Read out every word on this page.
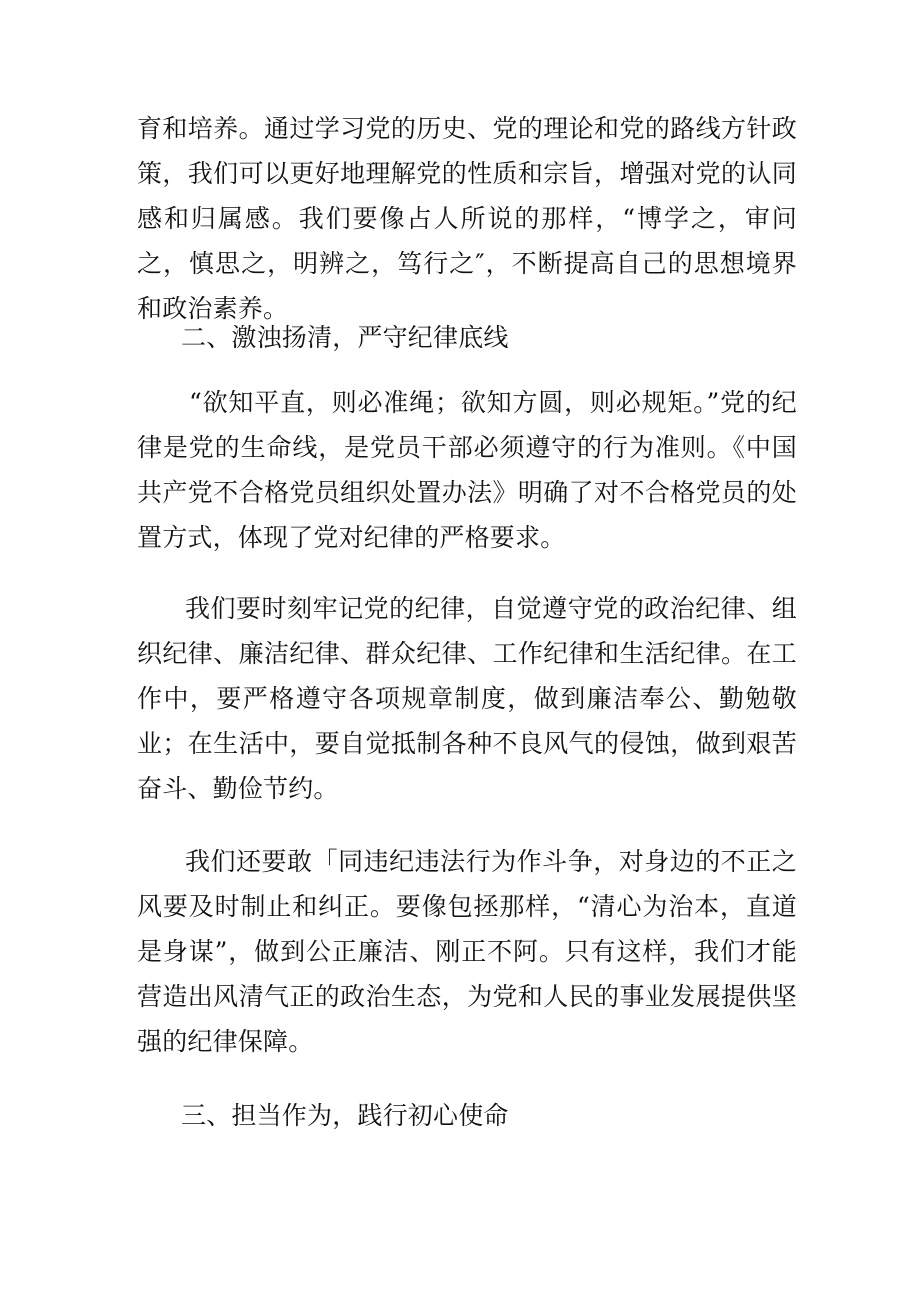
育和培养。通过学习党的历史、党的理论和党的路线方针政策，我们可以更好地理解党的性质和宗旨，增强对党的认同感和归属感。我们要像占人所说的那样，“博学之，审问之，慎思之，明辨之，笃行之″，不断提高自己的思想境界和政治素养。

二、激浊扬清，严守纪律底线

“欲知平直，则必准绳；欲知方圆，则必规矩。”党的纪律是党的生命线，是党员干部必须遵守的行为准则。《中国共产党不合格党员组织处置办法》明确了对不合格党员的处置方式，体现了党对纪律的严格要求。

我们要时刻牢记党的纪律，自觉遵守党的政治纪律、组织纪律、廉洁纪律、群众纪律、工作纪律和生活纪律。在工作中，要严格遵守各项规章制度，做到廉洁奉公、勤勉敬业；在生活中，要自觉抵制各种不良风气的侵蚀，做到艰苦奋斗、勤俭节约。

我们还要敢「同违纪违法行为作斗争，对身边的不正之风要及时制止和纠正。要像包拯那样，“清心为治本，直道是身谋”，做到公正廉洁、刚正不阿。只有这样，我们才能营造出风清气正的政治生态，为党和人民的事业发展提供坚强的纪律保障。

三、担当作为，践行初心使命
